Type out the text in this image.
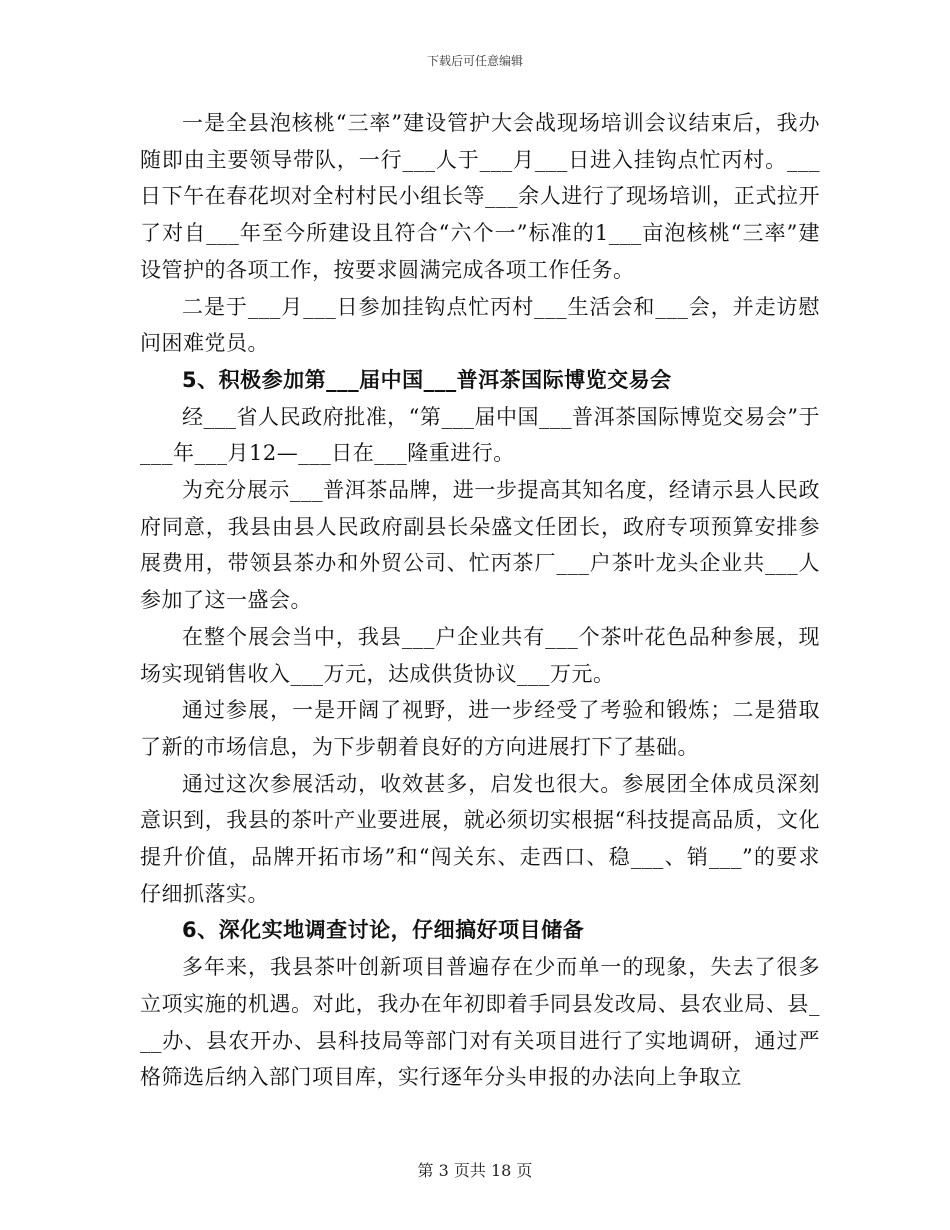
下载后可任意编辑

一是全县泡核桃“三率”建设管护大会战现场培训会议结束后，我办随即由主要领导带队，一行___人于___月___日进入挂钩点忙丙村。___日下午在春花坝对全村村民小组长等___余人进行了现场培训，正式拉开了对自___年至今所建设且符合“六个一”标准的1___亩泡核桃“三率”建设管护的各项工作，按要求圆满完成各项工作任务。

二是于___月___日参加挂钩点忙丙村___生活会和___会，并走访慰问困难党员。

5、积极参加第___届中国___普洱茶国际博览交易会

经___省人民政府批准，“第___届中国___普洱茶国际博览交易会”于___年___月12—___日在___隆重进行。

为充分展示___普洱茶品牌，进一步提高其知名度，经请示县人民政府同意，我县由县人民政府副县长朵盛文任团长，政府专项预算安排参展费用，带领县茶办和外贸公司、忙丙茶厂___户茶叶龙头企业共___人参加了这一盛会。

在整个展会当中，我县___户企业共有___个茶叶花色品种参展，现场实现销售收入___万元，达成供货协议___万元。

通过参展，一是开阔了视野，进一步经受了考验和锻炼；二是猎取了新的市场信息，为下步朝着良好的方向进展打下了基础。

通过这次参展活动，收效甚多，启发也很大。参展团全体成员深刻意识到，我县的茶叶产业要进展，就必须切实根据“科技提高品质，文化提升价值，品牌开拓市场”和“闯关东、走西口、稳___、销___”的要求仔细抓落实。

6、深化实地调查讨论，仔细搞好项目储备

多年来，我县茶叶创新项目普遍存在少而单一的现象，失去了很多立项实施的机遇。对此，我办在年初即着手同县发改局、县农业局、县___办、县农开办、县科技局等部门对有关项目进行了实地调研，通过严格筛选后纳入部门项目库，实行逐年分头申报的办法向上争取立

第 3 页共 18 页
